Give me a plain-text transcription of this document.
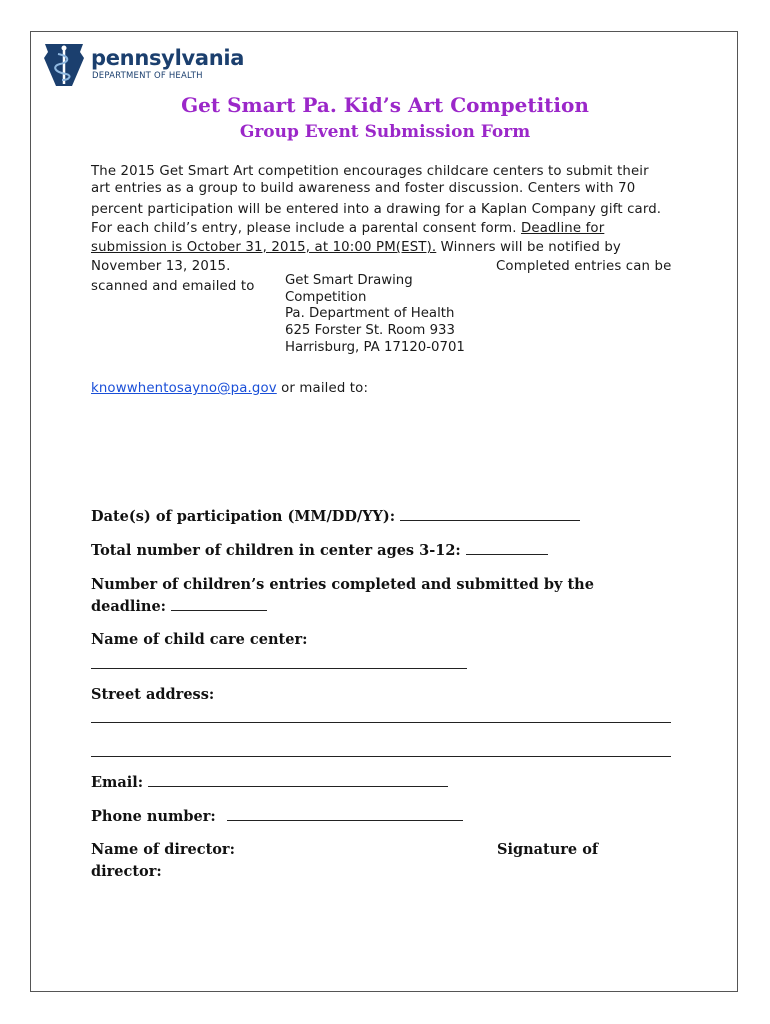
pennsylvania
DEPARTMENT OF HEALTH
Get Smart Pa. Kid’s Art Competition
Group Event Submission Form
The 2015 Get Smart Art competition encourages childcare centers to submit their
art entries as a group to build awareness and foster discussion. Centers with 70
percent participation will be entered into a drawing for a Kaplan Company gift card.
For each child’s entry, please include a parental consent form. Deadline for
submission is October 31, 2015, at 10:00 PM(EST). Winners will be notified by
November 13, 2015.	Completed entries can be
scanned and emailed to Get Smart Drawing
Competition
Pa. Department of Health
625 Forster St. Room 933
Harrisburg, PA 17120-0701
knowwhentosayno@pa.gov or mailed to:
Date(s) of participation (MM/DD/YY):
Total number of children in center ages 3-12:
Number of children’s entries completed and submitted by the
deadline:
Name of child care center:
Street address:
Email:
Phone number:
Name of director:	Signature of
director:
